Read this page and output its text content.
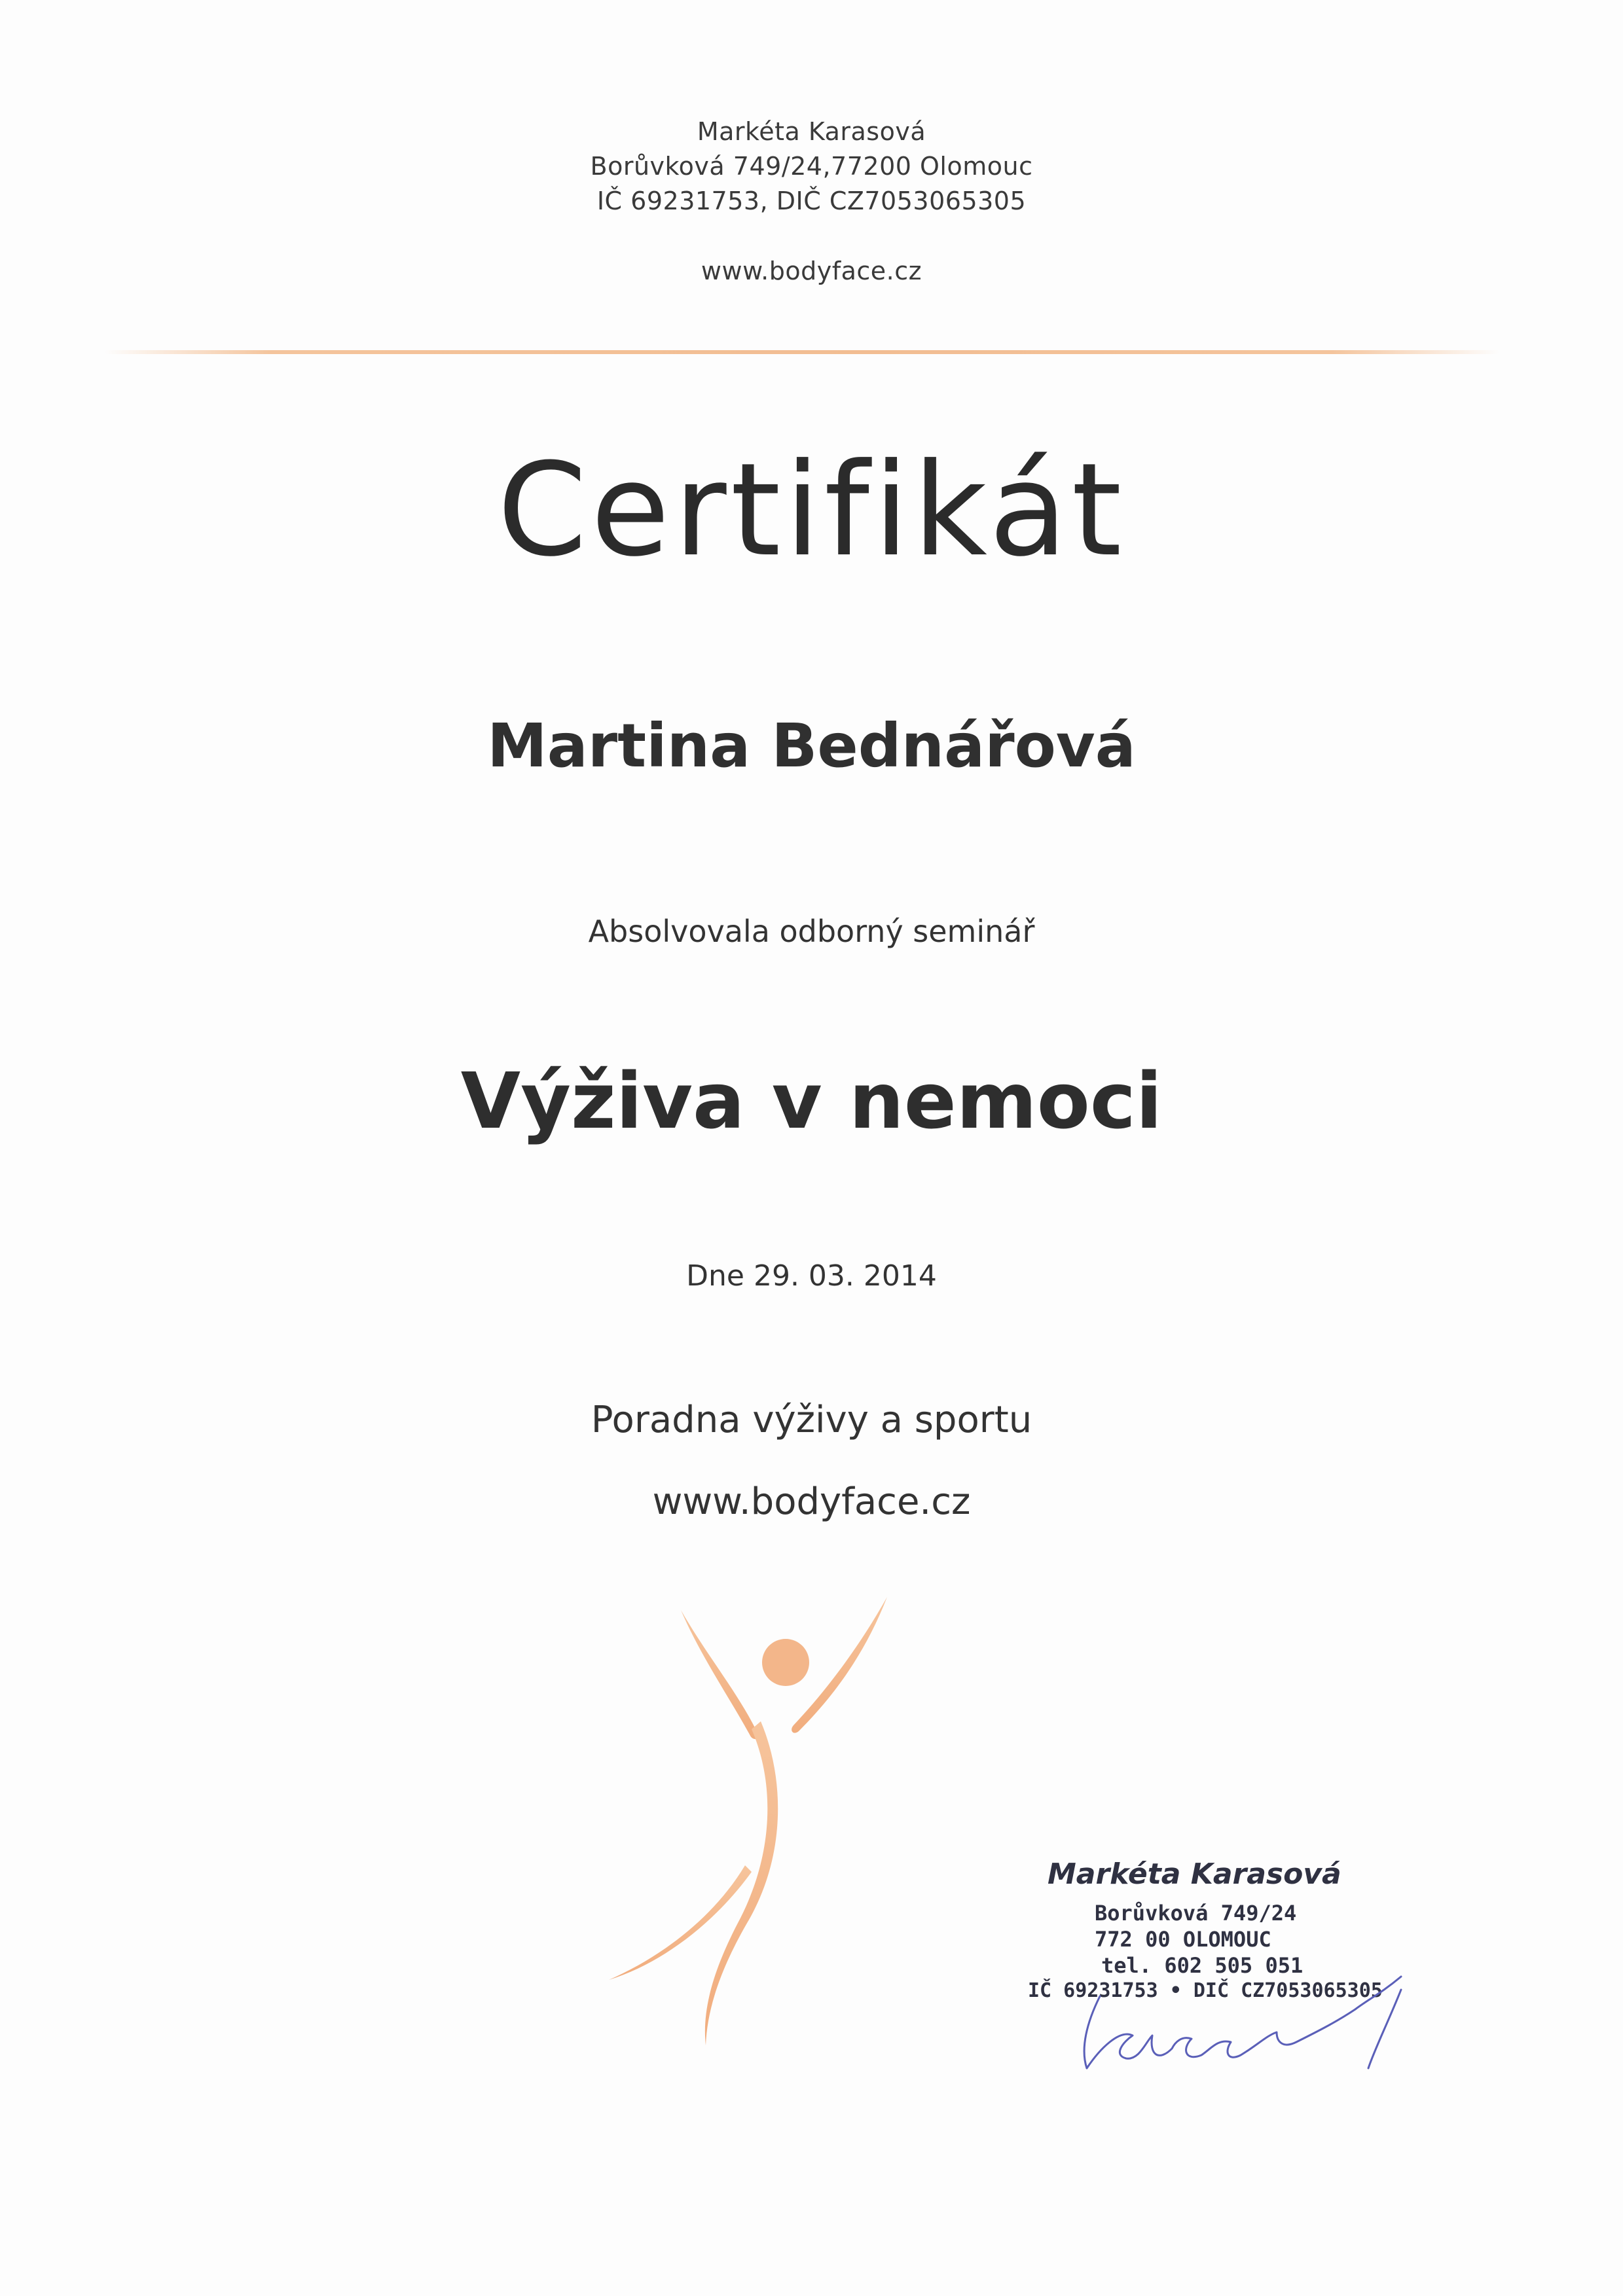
Markéta Karasová
Borůvková 749/24,77200 Olomouc
IČ 69231753, DIČ CZ7053065305
www.bodyface.cz
Certifikát
Martina Bednářová
Absolvovala odborný seminář
Výživa v nemoci
Dne 29. 03. 2014
Poradna výživy a sportu
www.bodyface.cz
Markéta Karasová
Borůvková 749/24
772 00 OLOMOUC
tel. 602 505 051
IČ 69231753 • DIČ CZ7053065305
